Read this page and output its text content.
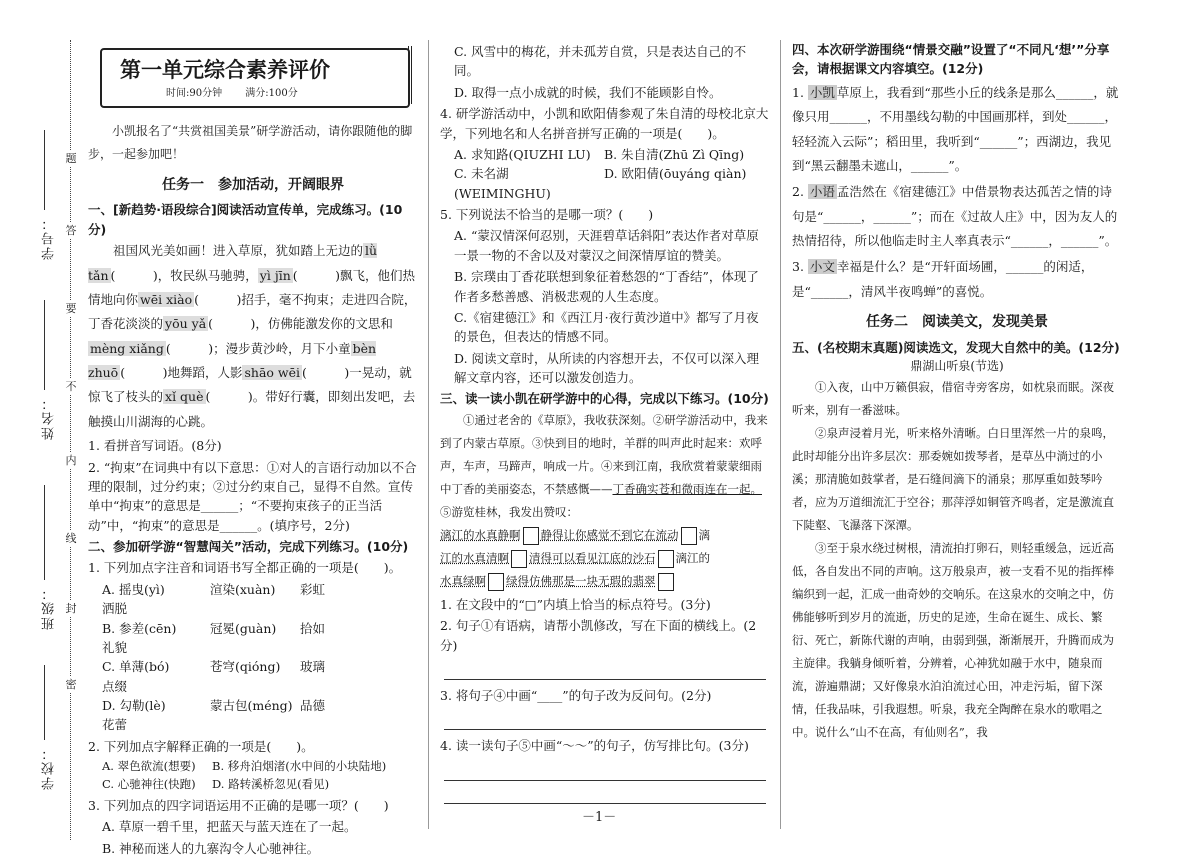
学号：
姓名：
班级：
学校：
题
答
要
不
内
线
封
密
第一单元综合素养评价
时间:90分钟　　 满分:100分

小凯报名了“共赏祖国美景”研学游活动，请你跟随他的脚步，一起参加吧！

任务一　参加活动，开阔眼界

一、[新趋势·语段综合]阅读活动宣传单，完成练习。(10分)

祖国风光美如画！进入草原，犹如踏上无边的 lǜ tǎn (　　　)，牧民纵马驰骋， yì jīn (　　　)飘飞，他们热情地向你 wēi xiào (　　　)招手，毫不拘束；走进四合院，丁香花淡淡的 yōu yǎ (　　　)，仿佛能激发你的文思和mèng xiǎng (　　　)；漫步黄沙岭，月下小童 bèn zhuō (　　　)地舞蹈，人影 shāo wēi (　　　)一晃动，就惊飞了枝头的 xǐ què (　　　)。带好行囊，即刻出发吧，去触摸山川湖海的心跳。

1. 看拼音写词语。(8分)

2. “拘束”在词典中有以下意思：①对人的言语行动加以不合理的限制，过分约束；②过分约束自己，显得不自然。宣传单中“拘束”的意思是______；“不要拘束孩子的正当活动”中，“拘束”的意思是______。(填序号，2分)

二、参加研学游“智慧闯关”活动，完成下列练习。(10分)

1. 下列加点字注音和词语书写全都正确的一项是(　　)。

A. 摇曳(yì)	渲染(xuàn)	彩虹
洒脱
B. 参差(cēn)	冠冕(guàn)	拾如
礼貌
C. 单薄(bó)	苍穹(qióng)	玻璃
点缀
D. 勾勒(lè)	蒙古包(méng) 品德
花蕾

2. 下列加点字解释正确的一项是(　　)。

A. 翠色欲流(想要)	B. 移舟泊烟渚(水中间的小块陆地)
C. 心驰神往(快跑)	D. 路转溪桥忽见(看见)

3. 下列加点的四字词语运用不正确的是哪一项？(　　)

A. 草原一碧千里，把蓝天与蓝天连在了一起。

B. 神秘而迷人的九寨沟令人心驰神往。

C. 风雪中的梅花，并未孤芳自赏，只是表达自己的不同。

D. 取得一点小成就的时候，我们不能顾影自怜。

4. 研学游活动中，小凯和欧阳倩参观了朱自清的母校北京大学，下列地名和人名拼音拼写正确的一项是(　　)。

A. 求知路(QIUZHI LU)	B. 朱自清(Zhū Zì Qīng)
C. 未名湖(WEIMINGHU)
D. 欧阳倩(ōuyáng qiàn)

5. 下列说法不恰当的是哪一项？(　　)

A. “蒙汉情深何忍别，天涯碧草话斜阳”表达作者对草原一景一物的不舍以及对蒙汉之间深情厚谊的赞美。

B. 宗璞由丁香花联想到象征着愁怨的“丁香结”，体现了作者多愁善感、消极悲观的人生态度。

C.《宿建德江》和《西江月·夜行黄沙道中》都写了月夜的景色，但表达的情感不同。

D. 阅读文章时，从所读的内容想开去，不仅可以深入理解文章内容，还可以激发创造力。

三、读一读小凯在研学游中的心得，完成以下练习。(10分)

①通过老舍的《草原》，我收获深刻。②研学游活动中，我来到了内蒙古草原。③快到目的地时，羊群的叫声此时起来：欢呼声，车声，马蹄声，响成一片。④来到江南，我欣赏着蒙蒙细雨中丁香的美丽姿态，不禁感慨——丁香确实苍和微雨连在一起。⑤游览桂林，我发出赞叹：

漓江的水真静啊 静得让你感觉不到它在流动 漓

江的水真清啊 清得可以看见江底的沙石 漓江的

水真绿啊 绿得仿佛那是一块无瑕的翡翠

1. 在文段中的“□”内填上恰当的标点符号。(3分)

2. 句子①有语病，请帮小凯修改，写在下面的横线上。(2分)

3. 将句子④中画“____”的句子改为反问句。(2分)

4. 读一读句子⑤中画“～～”的句子，仿写排比句。(3分)

四、本次研学游围绕“情景交融”设置了“不同凡‘想’”分享会，请根据课文内容填空。(12分)

1. 小凯 草原上，我看到“那些小丘的线条是那么______，就像只用______，不用墨线勾勒的中国画那样，到处______，轻轻流入云际”；稻田里，我听到“______”；西湖边，我见到“黑云翻墨未遮山，______”。

2. 小语 孟浩然在《宿建德江》中借景物表达孤苦之情的诗句是“______，______”；而在《过故人庄》中，因为友人的热情招待，所以他临走时主人率真表示“______，______”。

3. 小文 幸福是什么？是“开轩面场圃，______的闲适，是“______，清风半夜鸣蝉”的喜悦。

任务二　阅读美文，发现美景

五、(名校期末真题)阅读选文，发现大自然中的美。(12分)

鼎湖山听泉(节选)

①入夜，山中万籁俱寂，借宿寺旁客房，如枕泉而眠。深夜听来，别有一番滋味。

②泉声浸着月光，听来格外清晰。白日里浑然一片的泉鸣，此时却能分出许多层次：那委婉如拨琴者，是草丛中淌过的小溪；那清脆如鼓掌者，是石缝间滴下的涌泉；那厚重如鼓琴吟者，应为万道细流汇于空谷；那萍浮如铜管齐鸣者，定是激流直下陡壑、飞瀑落下深潭。

③至于泉水绕过树根，清流拍打卵石，则轻重缓急，远近高低，各自发出不同的声响。这万般泉声，被一支看不见的指挥棒编织到一起，汇成一曲奇妙的交响乐。在这泉水的交响之中，仿佛能够听到岁月的流逝，历史的足迹，生命在诞生、成长、繁衍、死亡，新陈代谢的声响，由弱到强，渐渐展开，升腾而成为主旋律。我躺身倾听着，分辨着，心神犹如融于水中，随泉而流，游遍鼎湖；又好像泉水泊泊流过心田，冲走污垢，留下深情，任我品味，引我遐想。听泉，我充全陶醉在泉水的歌唱之中。说什么“山不在高，有仙则名”，我

－1－
